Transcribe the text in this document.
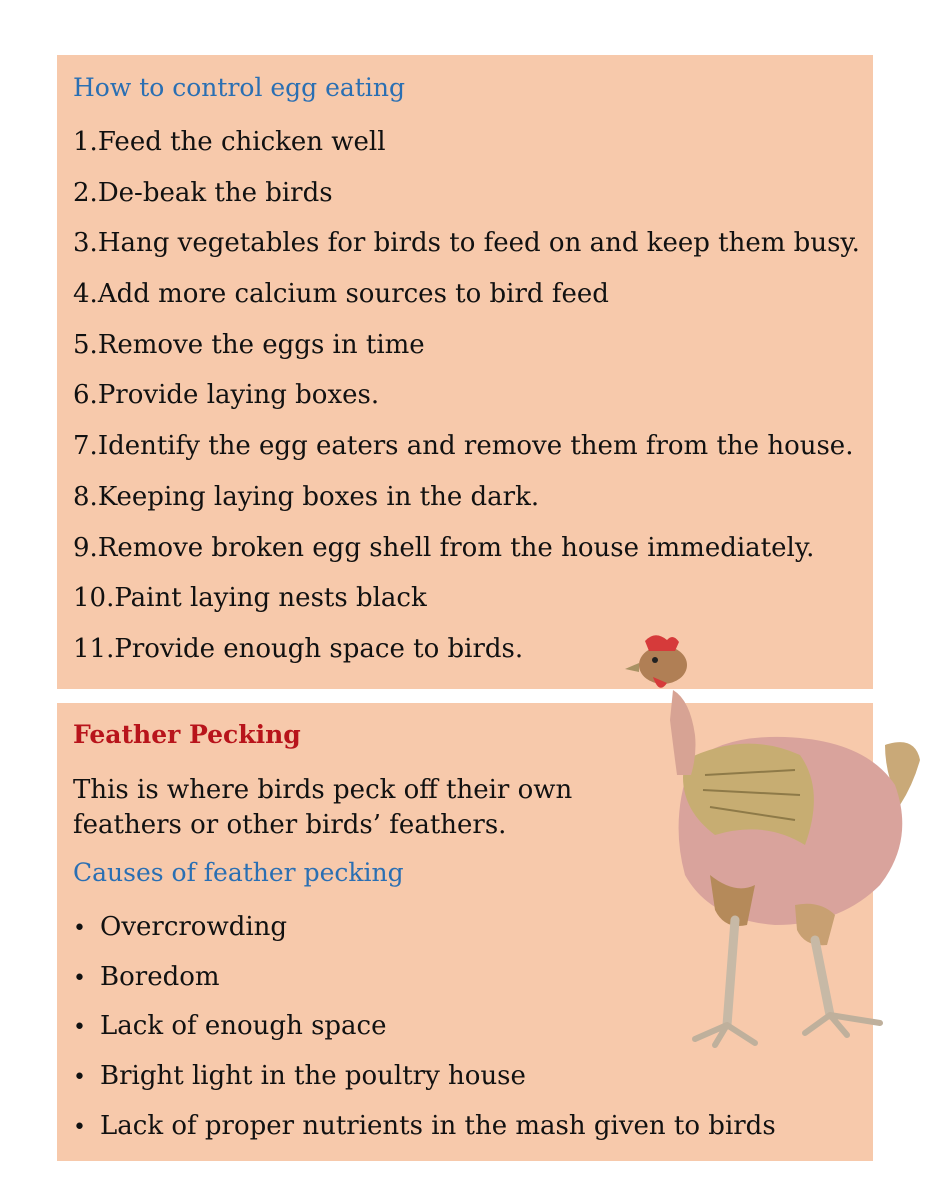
How to control egg eating
1.Feed the chicken well
2.De-beak the birds
3.Hang vegetables for birds to feed on and keep them busy.
4.Add more calcium sources to bird feed
5.Remove the eggs in time
6.Provide laying boxes.
7.Identify the egg eaters and remove them from the house.
8.Keeping laying boxes in the dark.
9.Remove broken egg shell from the house immediately.
10.Paint laying nests black
11.Provide enough space to birds.
Feather Pecking

This is where birds peck off their own feathers or other birds’ feathers.

Causes of feather pecking
• Overcrowding
• Boredom
• Lack of enough space
• Bright light in the poultry house
• Lack of proper nutrients in the mash given to birds
